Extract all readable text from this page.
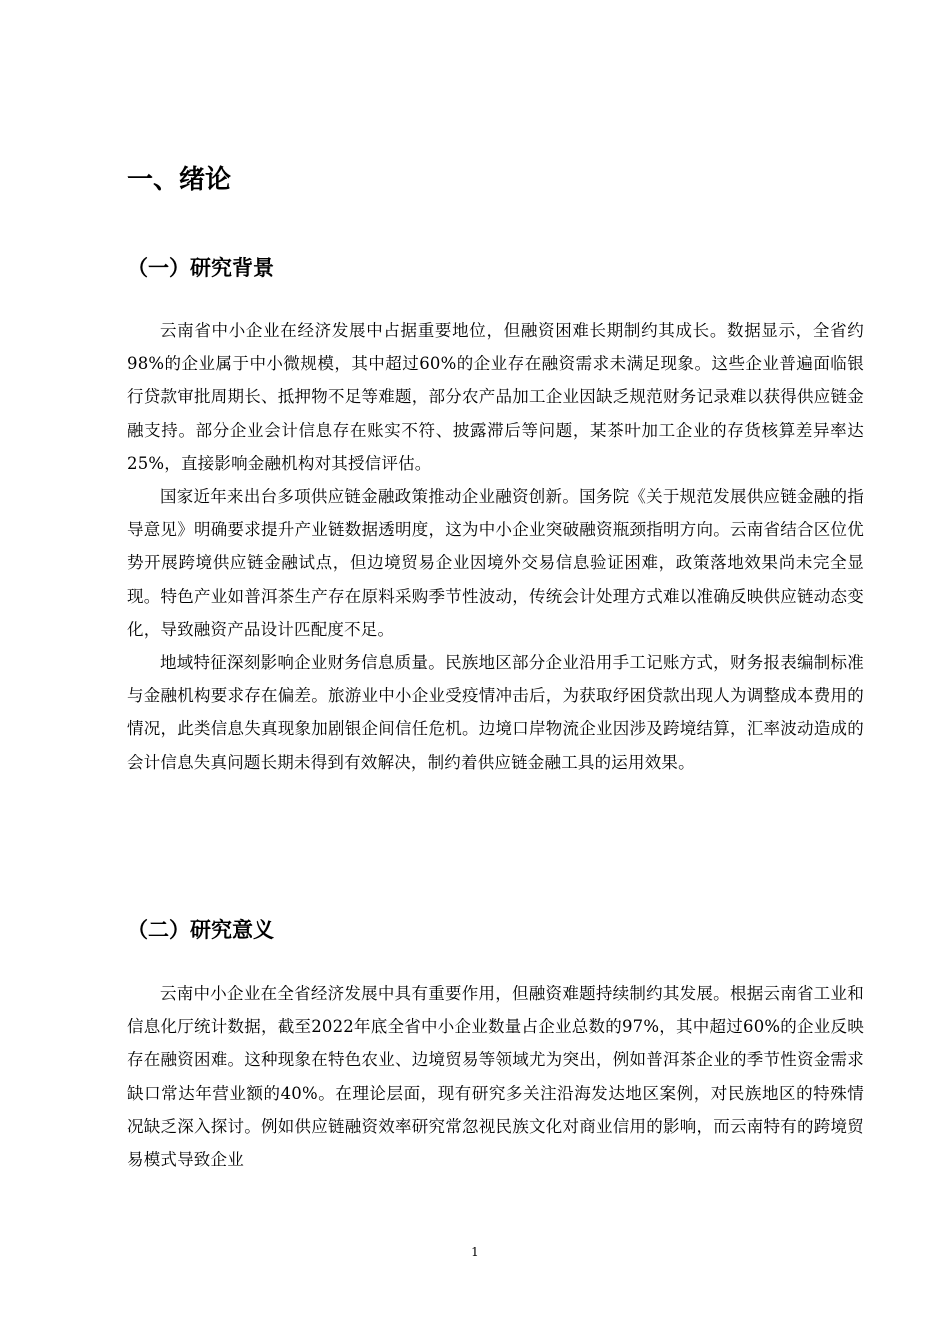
一、绪论
（一）研究背景

云南省中小企业在经济发展中占据重要地位，但融资困难长期制约其成长。数据显示，全省约98%的企业属于中小微规模，其中超过60%的企业存在融资需求未满足现象。这些企业普遍面临银行贷款审批周期长、抵押物不足等难题，部分农产品加工企业因缺乏规范财务记录难以获得供应链金融支持。部分企业会计信息存在账实不符、披露滞后等问题，某茶叶加工企业的存货核算差异率达25%，直接影响金融机构对其授信评估。

国家近年来出台多项供应链金融政策推动企业融资创新。国务院《关于规范发展供应链金融的指导意见》明确要求提升产业链数据透明度，这为中小企业突破融资瓶颈指明方向。云南省结合区位优势开展跨境供应链金融试点，但边境贸易企业因境外交易信息验证困难，政策落地效果尚未完全显现。特色产业如普洱茶生产存在原料采购季节性波动，传统会计处理方式难以准确反映供应链动态变化，导致融资产品设计匹配度不足。

地域特征深刻影响企业财务信息质量。民族地区部分企业沿用手工记账方式，财务报表编制标准与金融机构要求存在偏差。旅游业中小企业受疫情冲击后，为获取纾困贷款出现人为调整成本费用的情况，此类信息失真现象加剧银企间信任危机。边境口岸物流企业因涉及跨境结算，汇率波动造成的会计信息失真问题长期未得到有效解决，制约着供应链金融工具的运用效果。

（二）研究意义

云南中小企业在全省经济发展中具有重要作用，但融资难题持续制约其发展。根据云南省工业和信息化厅统计数据，截至2022年底全省中小企业数量占企业总数的97%，其中超过60%的企业反映存在融资困难。这种现象在特色农业、边境贸易等领域尤为突出，例如普洱茶企业的季节性资金需求缺口常达年营业额的40%。在理论层面，现有研究多关注沿海发达地区案例，对民族地区的特殊情况缺乏深入探讨。例如供应链融资效率研究常忽视民族文化对商业信用的影响，而云南特有的跨境贸易模式导致企业

1
